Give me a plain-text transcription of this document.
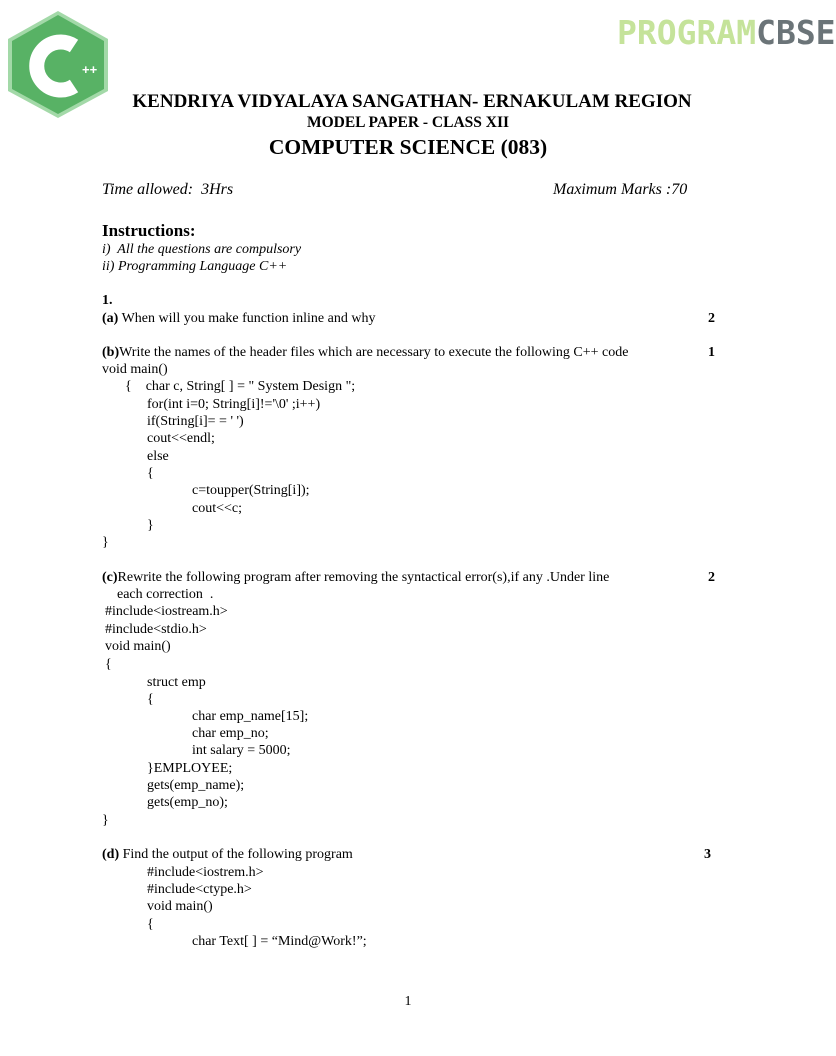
++
PROGRAMCBSE
KENDRIYA VIDYALAYA SANGATHAN- ERNAKULAM REGION
MODEL PAPER - CLASS XII
COMPUTER SCIENCE (083)
Time allowed:  3Hrs	Maximum Marks :70
Instructions:
i)  All the questions are compulsory
ii) Programming Language C++
1.
(a) When will you make function inline and why	2
(b)Write the names of the header files which are necessary to execute the following C++ code	1
void main()
{    char c, String[ ] = " System Design ";
for(int i=0; String[i]!='\0' ;i++)
if(String[i]= = ' ')
cout<<endl;
else
{
c=toupper(String[i]);
cout<<c;
}
}
(c)Rewrite the following program after removing the syntactical error(s),if any .Under line	2
each correction  .
#include<iostream.h>
#include<stdio.h>
void main()
{
struct emp
{
char emp_name[15];
char emp_no;
int salary = 5000;
}EMPLOYEE;
gets(emp_name);
gets(emp_no);
}
(d) Find the output of the following program	3
#include<iostrem.h>
#include<ctype.h>
void main()
{
char Text[ ] = “Mind@Work!”;
1
